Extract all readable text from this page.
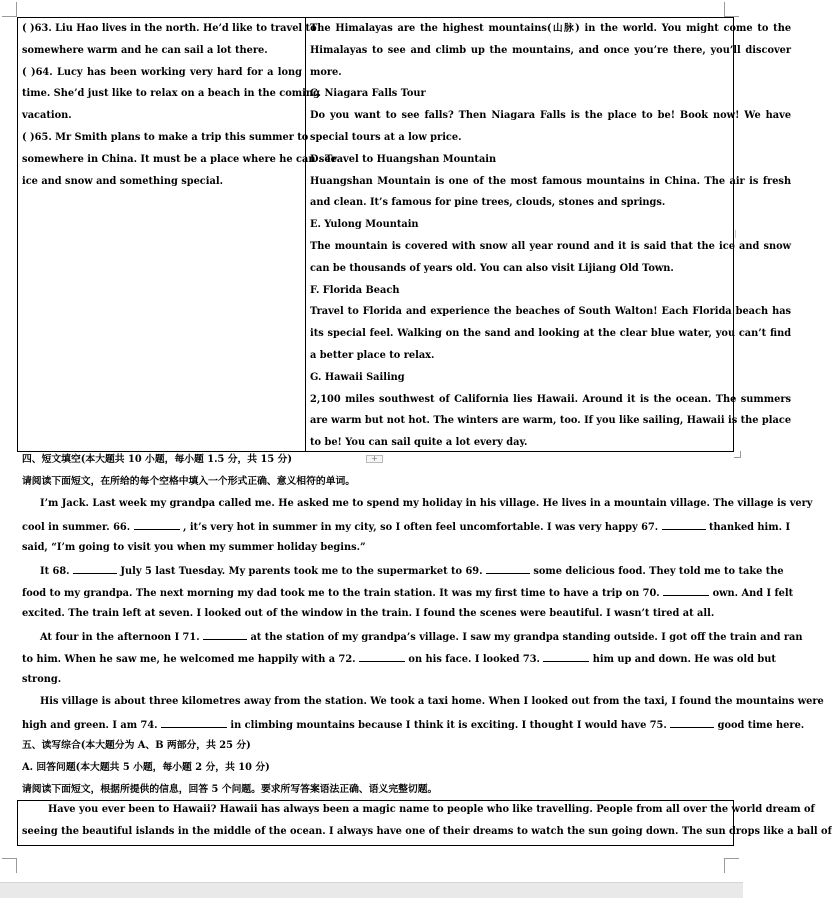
( )63. Liu Hao lives in the north. He’d like to travel to
somewhere warm and he can sail a lot there.
( )64. Lucy has been working very hard for a long
time. She’d just like to relax on a beach in the coming
vacation.
( )65. Mr Smith plans to make a trip this summer to
somewhere in China. It must be a place where he can see
ice and snow and something special.
The Himalayas are the highest mountains(山脉) in the world. You might come to the
Himalayas to see and climb up the mountains, and once you’re there, you’ll discover
more.
C. Niagara Falls Tour
Do you want to see falls? Then Niagara Falls is the place to be! Book now! We have
special tours at a low price.
D. Travel to Huangshan Mountain
Huangshan Mountain is one of the most famous mountains in China. The air is fresh
and clean. It’s famous for pine trees, clouds, stones and springs.
E. Yulong Mountain
The mountain is covered with snow all year round and it is said that the ice and snow
can be thousands of years old. You can also visit Lijiang Old Town.
F. Florida Beach
Travel to Florida and experience the beaches of South Walton! Each Florida beach has
its special feel. Walking on the sand and looking at the clear blue water, you can’t find
a better place to relax.
G. Hawaii Sailing
2,100 miles southwest of California lies Hawaii. Around it is the ocean. The summers
are warm but not hot. The winters are warm, too. If you like sailing, Hawaii is the place
to be! You can sail quite a lot every day.
+
四、短文填空(本大题共 10 小题，每小题 1.5 分，共 15 分)
请阅读下面短文，在所给的每个空格中填入一个形式正确、意义相符的单词。
I’m Jack. Last week my grandpa called me. He asked me to spend my holiday in his village. He lives in a mountain village. The village is very
cool in summer. 66.	, it’s very hot in summer in my city, so I often feel uncomfortable. I was very happy 67.	thanked him. I
said, “I’m going to visit you when my summer holiday begins.”
It 68.	July 5 last Tuesday. My parents took me to the supermarket to 69.	some delicious food. They told me to take the
food to my grandpa. The next morning my dad took me to the train station. It was my first time to have a trip on 70.	own. And I felt
excited. The train left at seven. I looked out of the window in the train. I found the scenes were beautiful. I wasn’t tired at all.
At four in the afternoon I 71.	at the station of my grandpa’s village. I saw my grandpa standing outside. I got off the train and ran
to him. When he saw me, he welcomed me happily with a 72.	on his face. I looked 73.	him up and down. He was old but
strong.
His village is about three kilometres away from the station. We took a taxi home. When I looked out from the taxi, I found the mountains were
high and green. I am 74.	in climbing mountains because I think it is exciting. I thought I would have 75.	good time here.
五、读写综合(本大题分为 A、B 两部分，共 25 分)
A. 回答问题(本大题共 5 小题，每小题 2 分，共 10 分)
请阅读下面短文，根据所提供的信息，回答 5 个问题。要求所写答案语法正确、语义完整切题。
Have you ever been to Hawaii? Hawaii has always been a magic name to people who like travelling. People from all over the world dream of
seeing the beautiful islands in the middle of the ocean. I always have one of their dreams to watch the sun going down. The sun drops like a ball of
